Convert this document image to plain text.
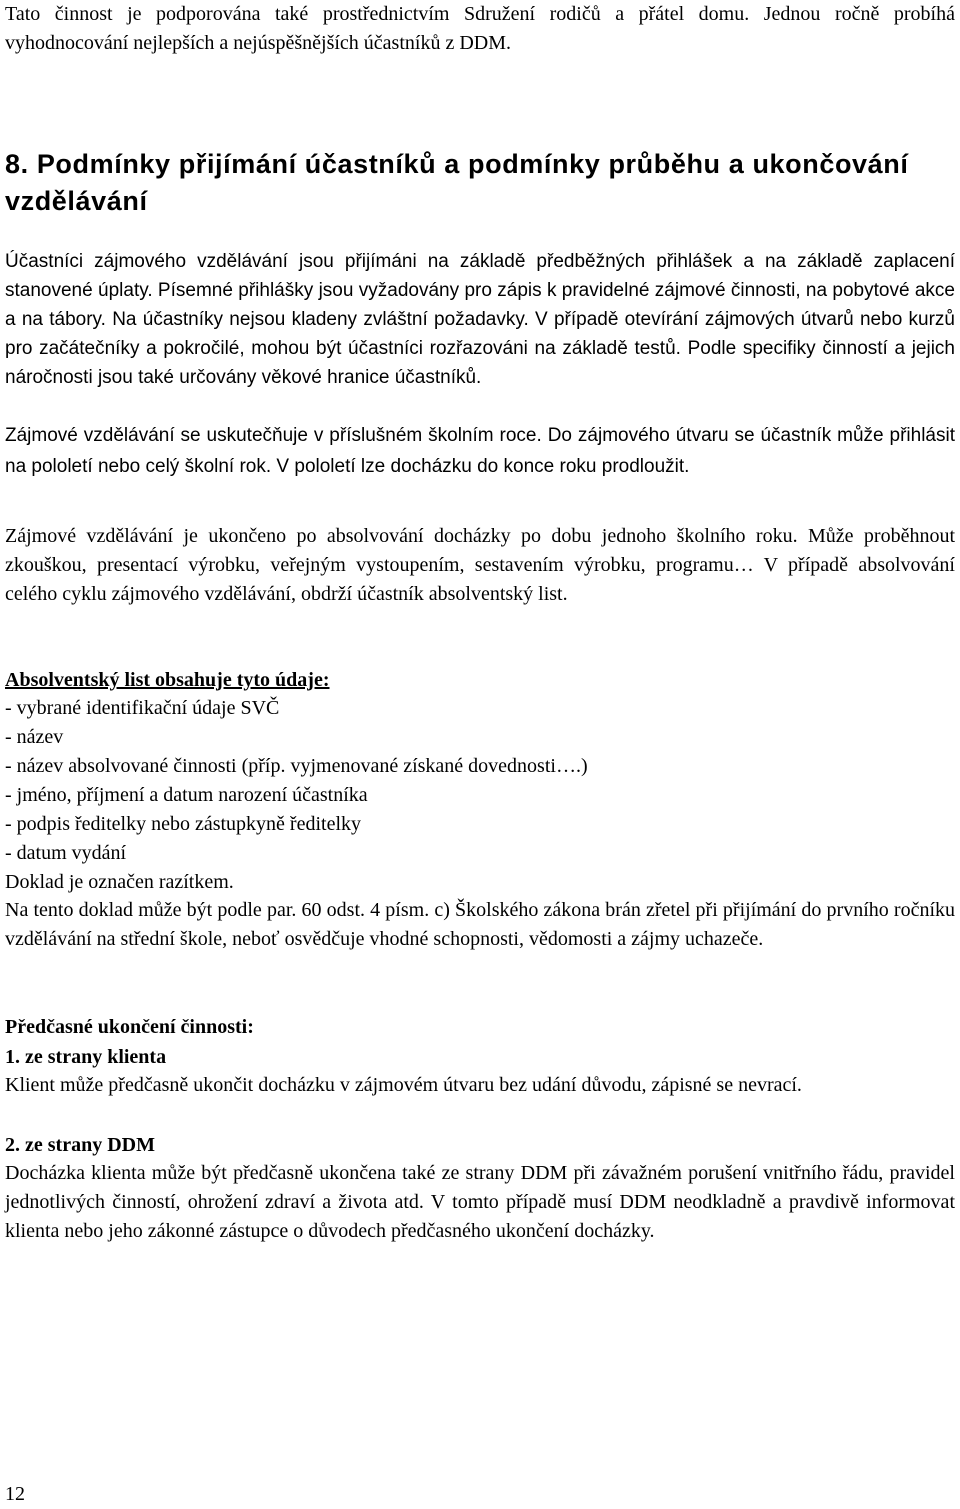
Tato činnost je podporována také prostřednictvím Sdružení rodičů a přátel domu. Jednou ročně probíhá vyhodnocování nejlepších a nejúspěšnějších účastníků z DDM.

8. Podmínky přijímání účastníků a podmínky průběhu a ukončování vzdělávání

Účastníci zájmového vzdělávání jsou přijímáni na základě předběžných přihlášek a na základě zaplacení stanovené úplaty. Písemné přihlášky jsou vyžadovány pro zápis k pravidelné zájmové činnosti, na pobytové akce a na tábory. Na účastníky nejsou kladeny zvláštní požadavky. V případě otevírání zájmových útvarů nebo kurzů pro začátečníky a pokročilé, mohou být účastníci rozřazováni na základě testů. Podle specifiky činností a jejich náročnosti jsou také určovány věkové hranice účastníků.

Zájmové vzdělávání se uskutečňuje v příslušném školním roce. Do zájmového útvaru se účastník může přihlásit na pololetí nebo celý školní rok. V pololetí lze docházku do konce roku prodloužit.

Zájmové vzdělávání je ukončeno po absolvování docházky po dobu jednoho školního roku. Může proběhnout zkouškou, presentací výrobku, veřejným vystoupením, sestavením výrobku, programu… V případě absolvování celého cyklu zájmového vzdělávání, obdrží účastník absolventský list.

Absolventský list obsahuje tyto údaje:

- vybrané identifikační údaje SVČ
- název
- název absolvované činnosti (příp. vyjmenované získané dovednosti….)
- jméno, příjmení a datum narození účastníka
- podpis ředitelky nebo zástupkyně ředitelky
- datum vydání
Doklad je označen razítkem.

Na tento doklad může být podle par. 60 odst. 4 písm. c) Školského zákona brán zřetel při přijímání do prvního ročníku vzdělávání na střední škole, neboť osvědčuje vhodné schopnosti, vědomosti a zájmy uchazeče.

Předčasné ukončení činnosti:

1. ze strany klienta

Klient může předčasně ukončit docházku v zájmovém útvaru bez udání důvodu, zápisné se nevrací.

2. ze strany DDM

Docházka klienta může být předčasně ukončena také ze strany DDM při závažném porušení vnitřního řádu, pravidel jednotlivých činností, ohrožení zdraví a života atd. V tomto případě musí DDM neodkladně a pravdivě informovat klienta nebo jeho zákonné zástupce o důvodech předčasného ukončení docházky.

12
